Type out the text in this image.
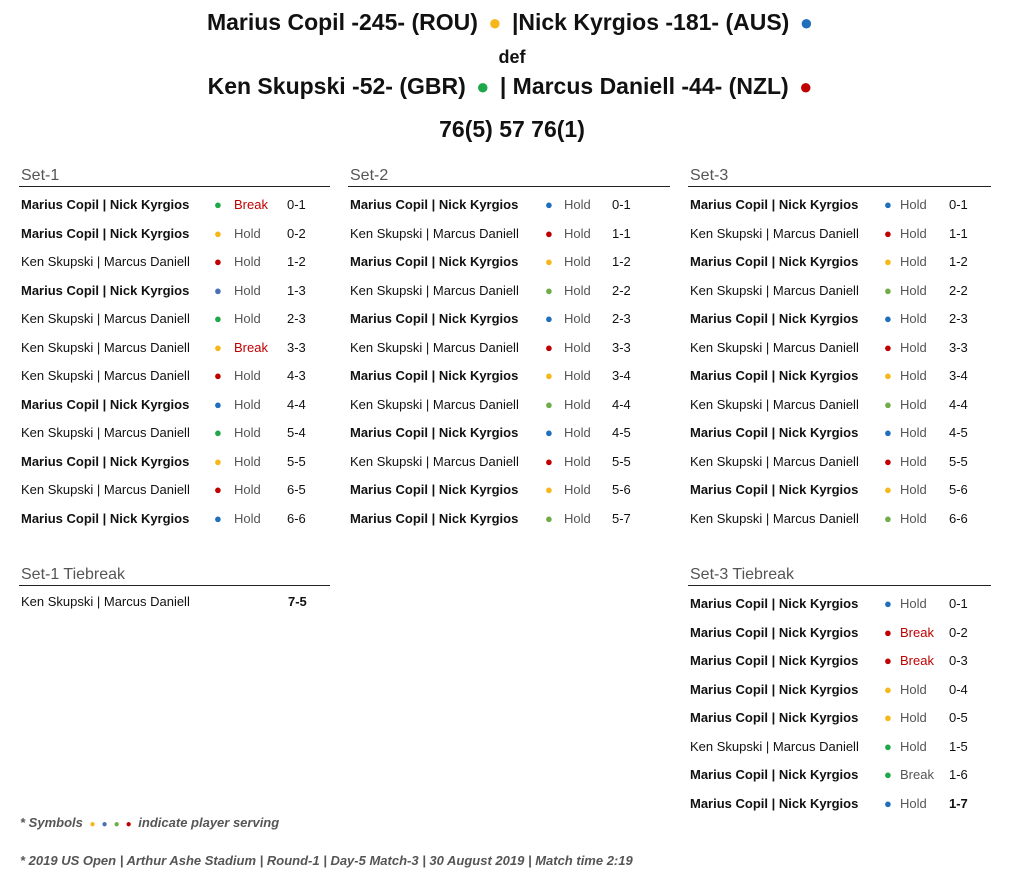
Marius Copil -245- (ROU) ● |Nick Kyrgios -181- (AUS) ●
def
Ken Skupski -52- (GBR) ● | Marcus Daniell -44- (NZL) ●
76(5) 57 76(1)
Set-1
Marius Copil | Nick Kyrgios ● Break 0-1
Marius Copil | Nick Kyrgios ● Hold 0-2
Ken Skupski | Marcus Daniell ● Hold 1-2
Marius Copil | Nick Kyrgios ● Hold 1-3
Ken Skupski | Marcus Daniell ● Hold 2-3
Ken Skupski | Marcus Daniell ● Break 3-3
Ken Skupski | Marcus Daniell ● Hold 4-3
Marius Copil | Nick Kyrgios ● Hold 4-4
Ken Skupski | Marcus Daniell ● Hold 5-4
Marius Copil | Nick Kyrgios ● Hold 5-5
Ken Skupski | Marcus Daniell ● Hold 6-5
Marius Copil | Nick Kyrgios ● Hold 6-6
Set-2
Marius Copil | Nick Kyrgios ● Hold 0-1
Ken Skupski | Marcus Daniell ● Hold 1-1
Marius Copil | Nick Kyrgios ● Hold 1-2
Ken Skupski | Marcus Daniell ● Hold 2-2
Marius Copil | Nick Kyrgios ● Hold 2-3
Ken Skupski | Marcus Daniell ● Hold 3-3
Marius Copil | Nick Kyrgios ● Hold 3-4
Ken Skupski | Marcus Daniell ● Hold 4-4
Marius Copil | Nick Kyrgios ● Hold 4-5
Ken Skupski | Marcus Daniell ● Hold 5-5
Marius Copil | Nick Kyrgios ● Hold 5-6
Marius Copil | Nick Kyrgios ● Hold 5-7
Set-3
Marius Copil | Nick Kyrgios ● Hold 0-1
Ken Skupski | Marcus Daniell ● Hold 1-1
Marius Copil | Nick Kyrgios ● Hold 1-2
Ken Skupski | Marcus Daniell ● Hold 2-2
Marius Copil | Nick Kyrgios ● Hold 2-3
Ken Skupski | Marcus Daniell ● Hold 3-3
Marius Copil | Nick Kyrgios ● Hold 3-4
Ken Skupski | Marcus Daniell ● Hold 4-4
Marius Copil | Nick Kyrgios ● Hold 4-5
Ken Skupski | Marcus Daniell ● Hold 5-5
Marius Copil | Nick Kyrgios ● Hold 5-6
Ken Skupski | Marcus Daniell ● Hold 6-6
Set-1 Tiebreak
Ken Skupski | Marcus Daniell	7-5
Set-3 Tiebreak
Marius Copil | Nick Kyrgios ● Hold 0-1
Marius Copil | Nick Kyrgios ● Break 0-2
Marius Copil | Nick Kyrgios ● Break 0-3
Marius Copil | Nick Kyrgios ● Hold 0-4
Marius Copil | Nick Kyrgios ● Hold 0-5
Ken Skupski | Marcus Daniell ● Hold 1-5
Marius Copil | Nick Kyrgios ● Break 1-6
Marius Copil | Nick Kyrgios ● Hold 1-7
* Symbols ● ● ● ● indicate player serving
* 2019 US Open | Arthur Ashe Stadium | Round-1 | Day-5 Match-3 | 30 August 2019 | Match time 2:19
